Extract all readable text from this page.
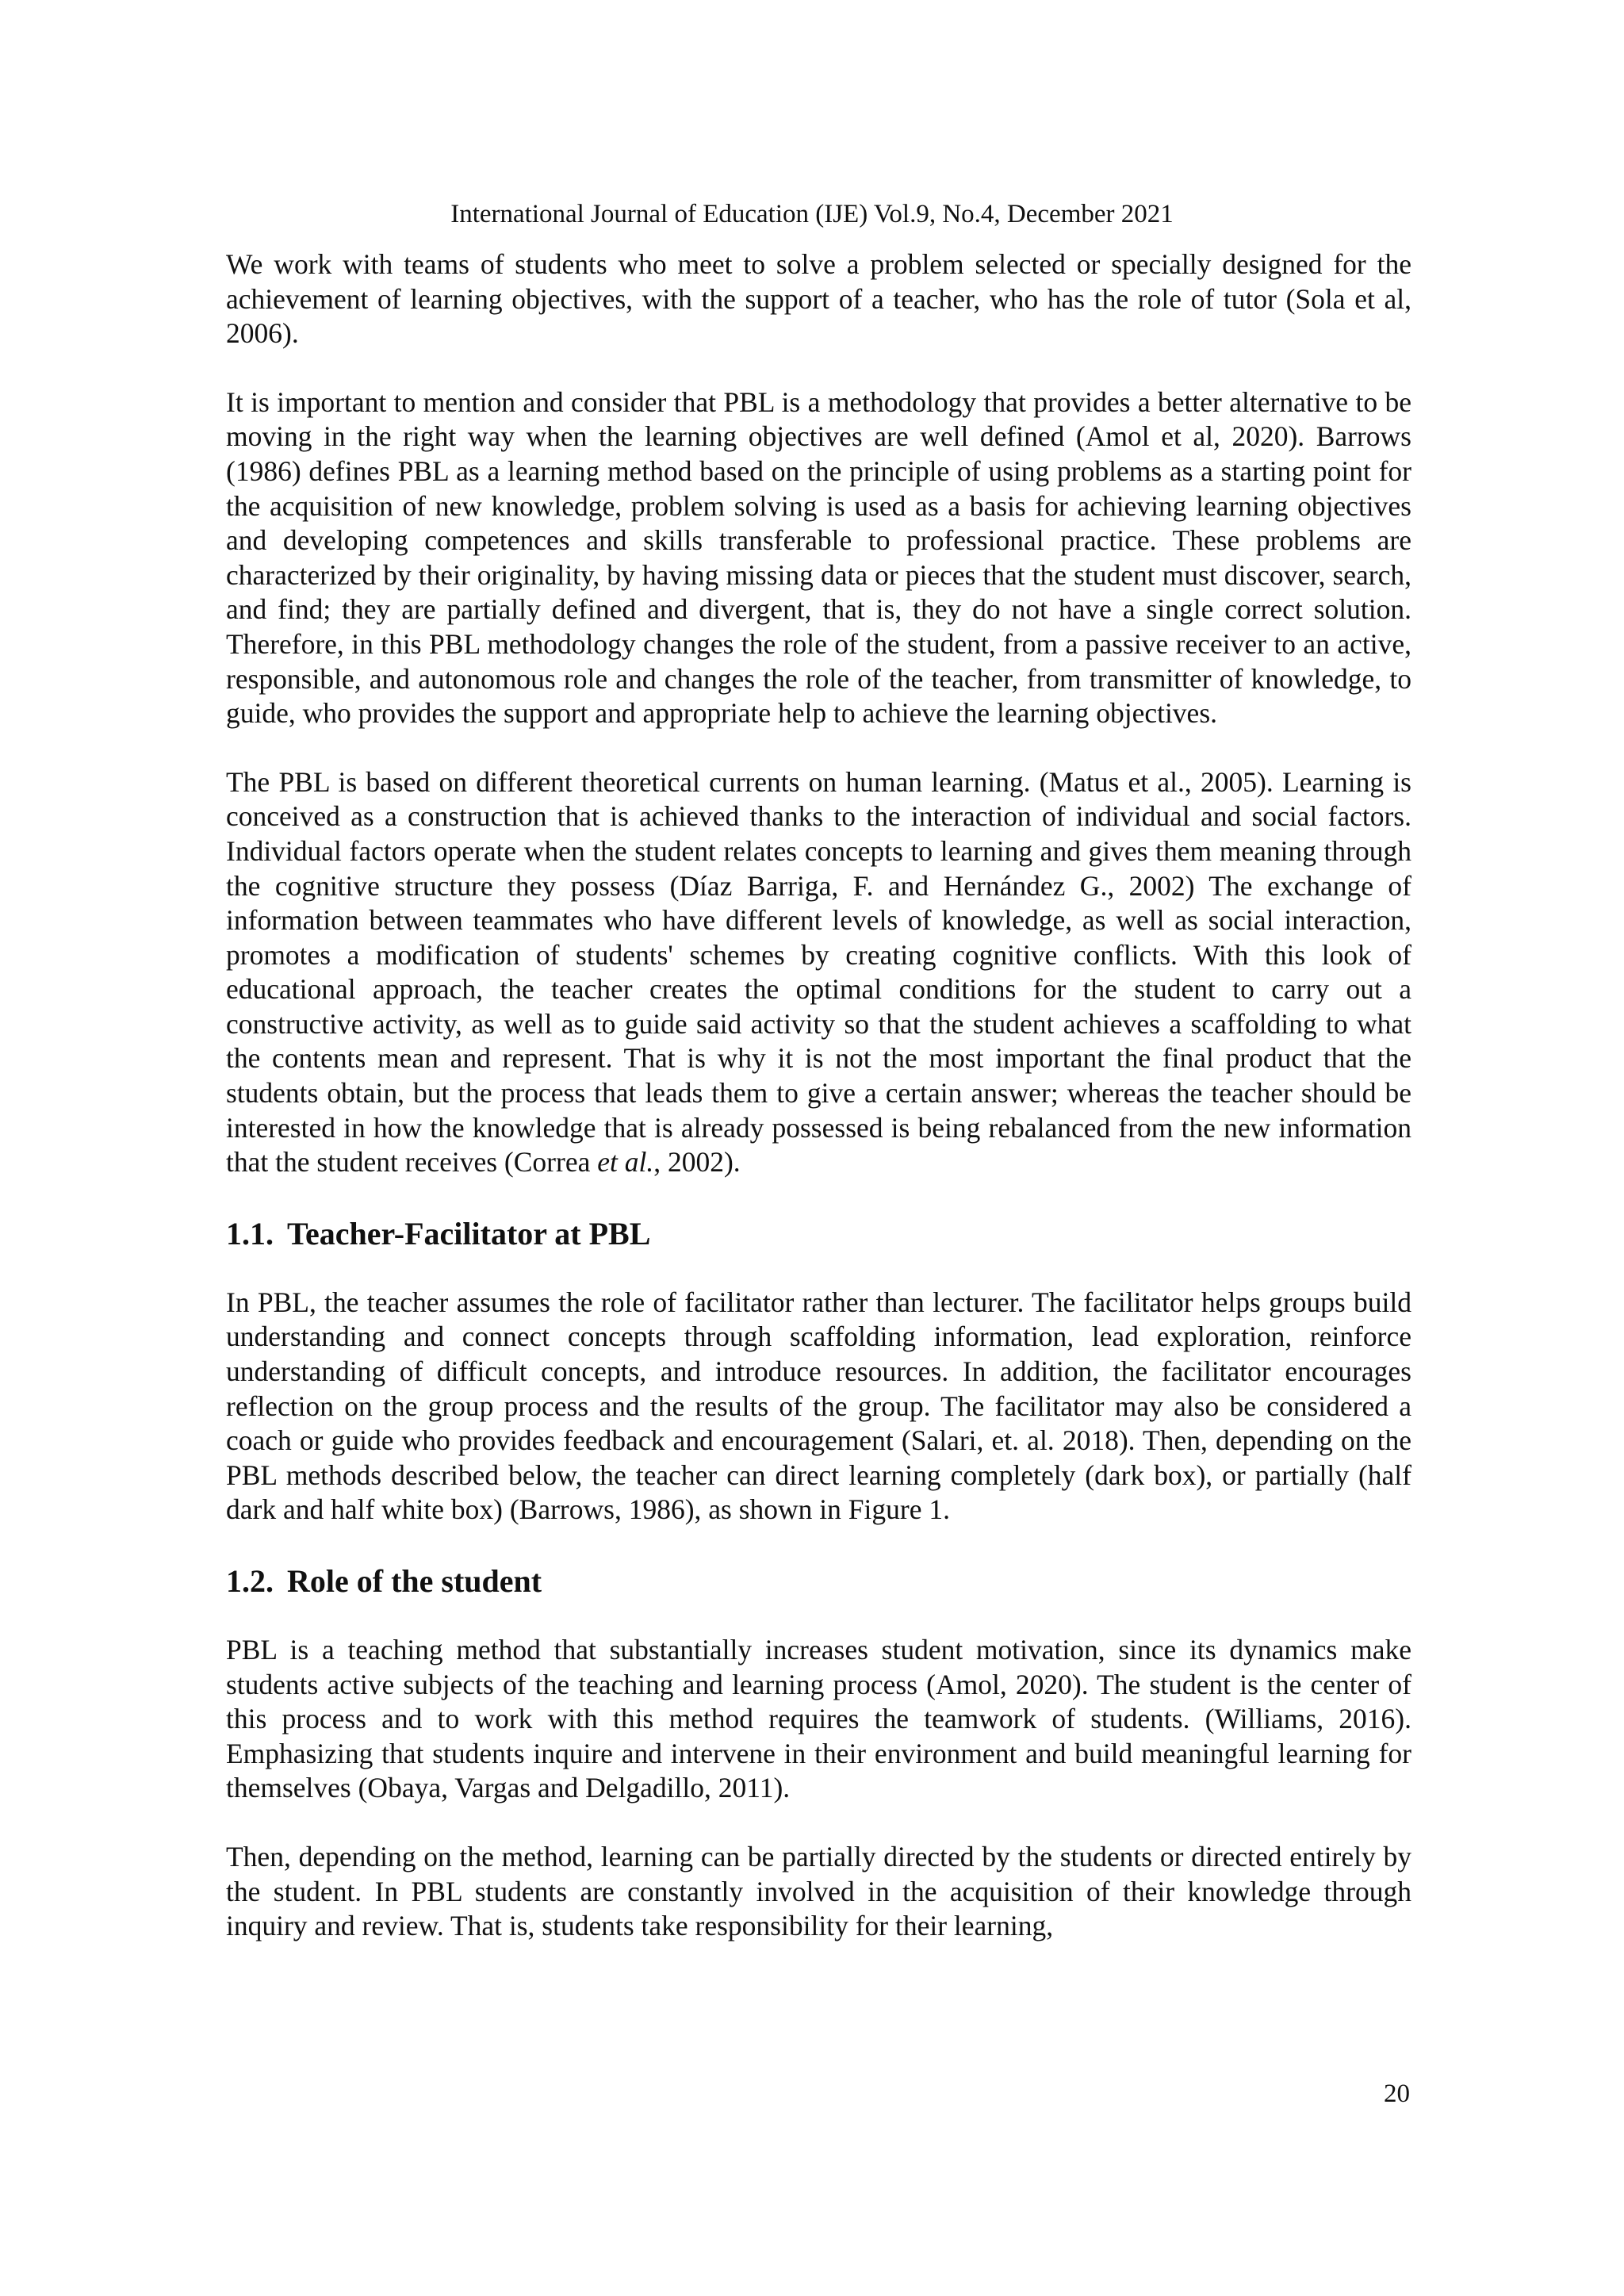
International Journal of Education (IJE) Vol.9, No.4, December 2021

We work with teams of students who meet to solve a problem selected or specially designed for the achievement of learning objectives, with the support of a teacher, who has the role of tutor (Sola et al, 2006).

It is important to mention and consider that PBL is a methodology that provides a better alternative to be moving in the right way when the learning objectives are well defined (Amol et al, 2020). Barrows (1986) defines PBL as a learning method based on the principle of using problems as a starting point for the acquisition of new knowledge, problem solving is used as a basis for achieving learning objectives and developing competences and skills transferable to professional practice. These problems are characterized by their originality, by having missing data or pieces that the student must discover, search, and find; they are partially defined and divergent, that is, they do not have a single correct solution. Therefore, in this PBL methodology changes the role of the student, from a passive receiver to an active, responsible, and autonomous role and changes the role of the teacher, from transmitter of knowledge, to guide, who provides the support and appropriate help to achieve the learning objectives.

The PBL is based on different theoretical currents on human learning. (Matus et al., 2005). Learning is conceived as a construction that is achieved thanks to the interaction of individual and social factors. Individual factors operate when the student relates concepts to learning and gives them meaning through the cognitive structure they possess (Díaz Barriga, F. and Hernández G., 2002) The exchange of information between teammates who have different levels of knowledge, as well as social interaction, promotes a modification of students' schemes by creating cognitive conflicts. With this look of educational approach, the teacher creates the optimal conditions for the student to carry out a constructive activity, as well as to guide said activity so that the student achieves a scaffolding to what the contents mean and represent. That is why it is not the most important the final product that the students obtain, but the process that leads them to give a certain answer; whereas the teacher should be interested in how the knowledge that is already possessed is being rebalanced from the new information that the student receives (Correa et al., 2002).

1.1. Teacher-Facilitator at PBL

In PBL, the teacher assumes the role of facilitator rather than lecturer. The facilitator helps groups build understanding and connect concepts through scaffolding information, lead exploration, reinforce understanding of difficult concepts, and introduce resources. In addition, the facilitator encourages reflection on the group process and the results of the group. The facilitator may also be considered a coach or guide who provides feedback and encouragement (Salari, et. al. 2018). Then, depending on the PBL methods described below, the teacher can direct learning completely (dark box), or partially (half dark and half white box) (Barrows, 1986), as shown in Figure 1.

1.2. Role of the student

PBL is a teaching method that substantially increases student motivation, since its dynamics make students active subjects of the teaching and learning process (Amol, 2020). The student is the center of this process and to work with this method requires the teamwork of students. (Williams, 2016). Emphasizing that students inquire and intervene in their environment and build meaningful learning for themselves (Obaya, Vargas and Delgadillo, 2011).

Then, depending on the method, learning can be partially directed by the students or directed entirely by the student. In PBL students are constantly involved in the acquisition of their knowledge through inquiry and review. That is, students take responsibility for their learning,

20
